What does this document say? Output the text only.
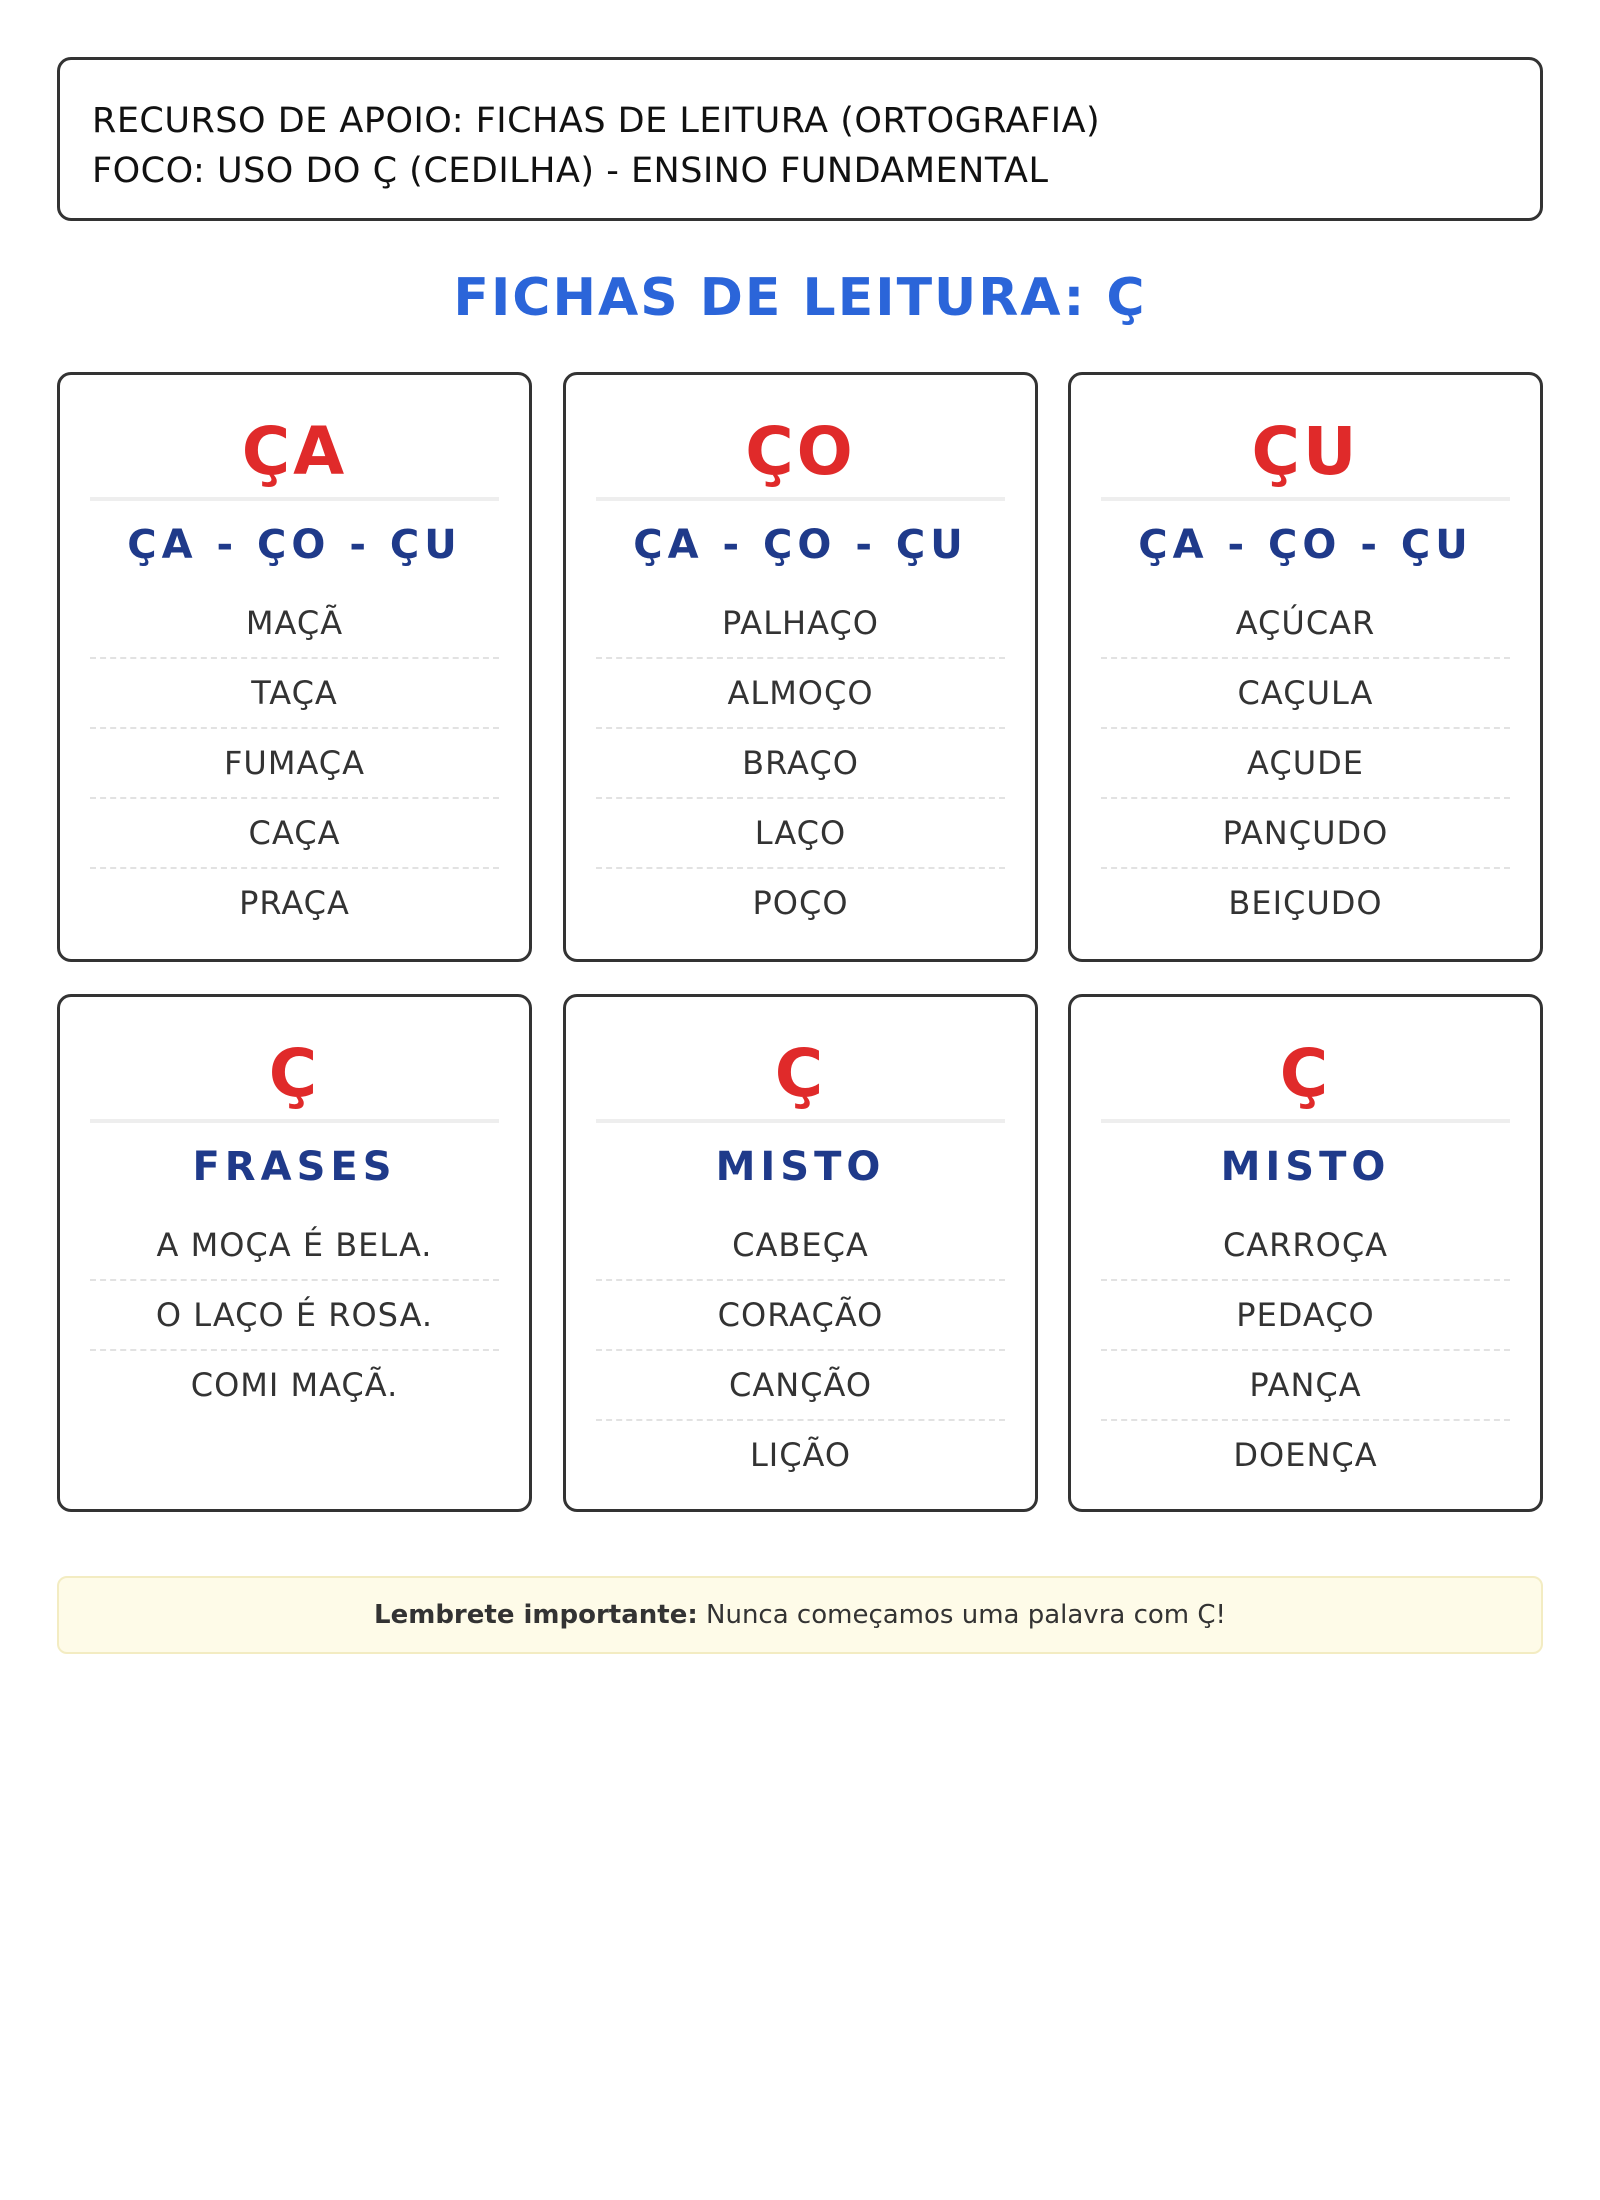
RECURSO DE APOIO: FICHAS DE LEITURA (ORTOGRAFIA)
FOCO: USO DO Ç (CEDILHA) - ENSINO FUNDAMENTAL
FICHAS DE LEITURA: Ç
ÇA
ÇA - ÇO - ÇU
MAÇÃ
TAÇA
FUMAÇA
CAÇA
PRAÇA
ÇO
ÇA - ÇO - ÇU
PALHAÇO
ALMOÇO
BRAÇO
LAÇO
POÇO
ÇU
ÇA - ÇO - ÇU
AÇÚCAR
CAÇULA
AÇUDE
PANÇUDO
BEIÇUDO
Ç
FRASES
A MOÇA É BELA.
O LAÇO É ROSA.
COMI MAÇÃ.
Ç
MISTO
CABEÇA
CORAÇÃO
CANÇÃO
LIÇÃO
Ç
MISTO
CARROÇA
PEDAÇO
PANÇA
DOENÇA
Lembrete importante: Nunca começamos uma palavra com Ç!
